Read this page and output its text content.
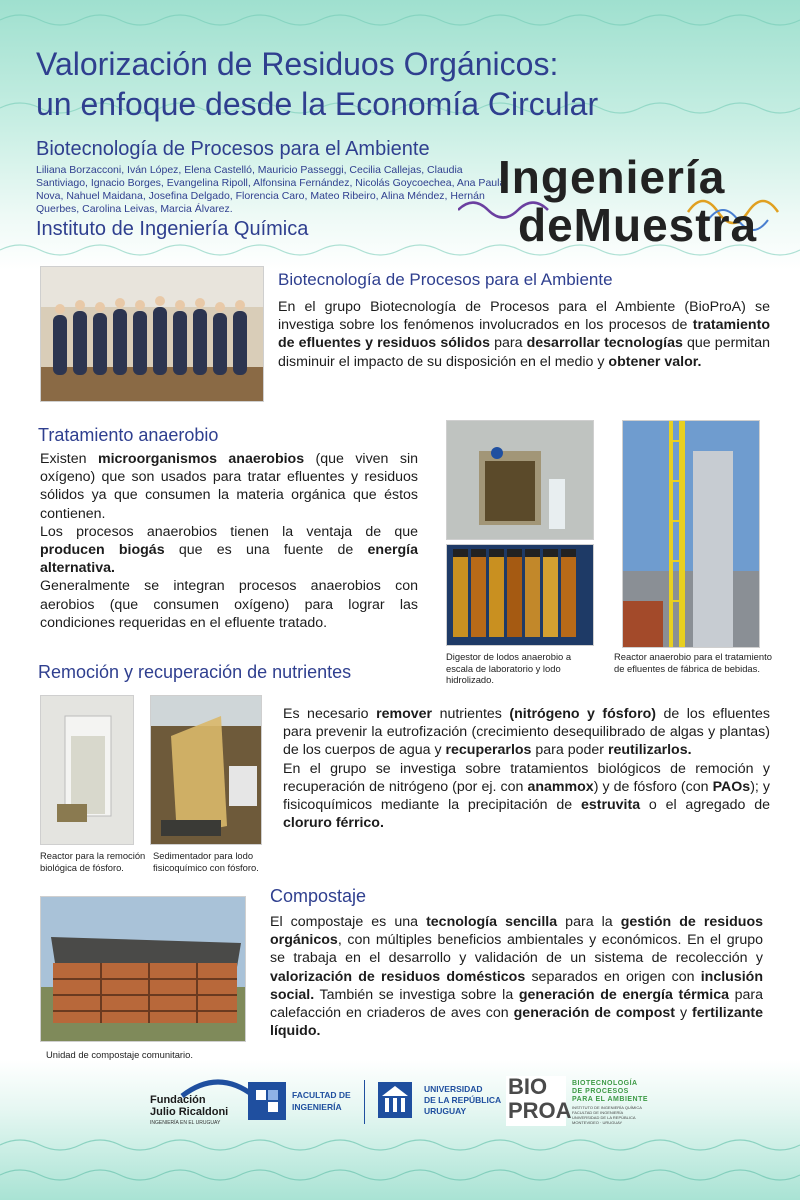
Valorización de Residuos Orgánicos:
un enfoque desde la Economía Circular
Biotecnología de Procesos para el Ambiente
Liliana Borzacconi, Iván López, Elena Castelló, Mauricio Passeggi, Cecilia Callejas, Claudia Santiviago, Ignacio Borges, Evangelina Ripoll, Alfonsina Fernández, Nicolás Goycoechea, Ana Paula Nova, Nahuel Maidana, Josefina Delgado, Florencia Caro, Mateo Ribeiro, Alina Méndez, Hernán Querbes, Carolina Leivas, Marcia Álvarez.
Instituto de Ingeniería Química
Ingeniería
deMuestra
Biotecnología de Procesos para el Ambiente

En el grupo Biotecnología de Procesos para el Ambiente (BioProA) se investiga sobre los fenómenos involucrados en los procesos de tratamiento de efluentes y residuos sólidos para desarrollar tecnologías que permitan disminuir el impacto de su disposición en el medio y obtener valor.

Tratamiento anaerobio

Existen microorganismos anaerobios (que viven sin oxígeno) que son usados para tratar efluentes y residuos sólidos ya que consumen la materia orgánica que éstos contienen.

Los procesos anaerobios tienen la ventaja de que producen biogás que es una fuente de energía alternativa.

Generalmente se integran procesos anaerobios con aerobios (que consumen oxígeno) para lograr las condiciones requeridas en el efluente tratado.

Digestor de lodos anaerobio a escala de laboratorio y lodo hidrolizado.
Reactor anaerobio para el tratamiento de efluentes de fábrica de bebidas.
Remoción y recuperación de nutrientes
Reactor para la remoción biológica de fósforo.
Sedimentador para lodo fisicoquímico con fósforo.

Es necesario remover nutrientes (nitrógeno y fósforo) de los efluentes para prevenir la eutrofización (crecimiento desequilibrado de algas y plantas) de los cuerpos de agua y recuperarlos para poder reutilizarlos.

En el grupo se investiga sobre tratamientos biológicos de remoción y recuperación de nitrógeno (por ej. con anammox) y de fósforo (con PAOs); y fisicoquímicos mediante la precipitación de estruvita o el agregado de cloruro férrico.

Compostaje
Unidad de compostaje comunitario.

El compostaje es una tecnología sencilla para la gestión de residuos orgánicos, con múltiples beneficios ambientales y económicos. En el grupo se trabaja en el desarrollo y validación de un sistema de recolección y valorización de residuos domésticos separados en origen con inclusión social. También se investiga sobre la generación de energía térmica para calefacción en criaderos de aves con generación de compost y fertilizante líquido.

Fundación
Julio Ricaldoni
INGENIERÍA EN EL URUGUAY
FACULTAD DE
INGENIERÍA
UNIVERSIDAD
DE LA REPÚBLICA
URUGUAY
BIO
PROA
BIOTECNOLOGÍA
DE PROCESOS
PARA EL AMBIENTE
INSTITUTO DE INGENIERÍA QUÍMICA
FACULTAD DE INGENIERÍA
UNIVERSIDAD DE LA REPÚBLICA
MONTEVIDEO · URUGUAY
